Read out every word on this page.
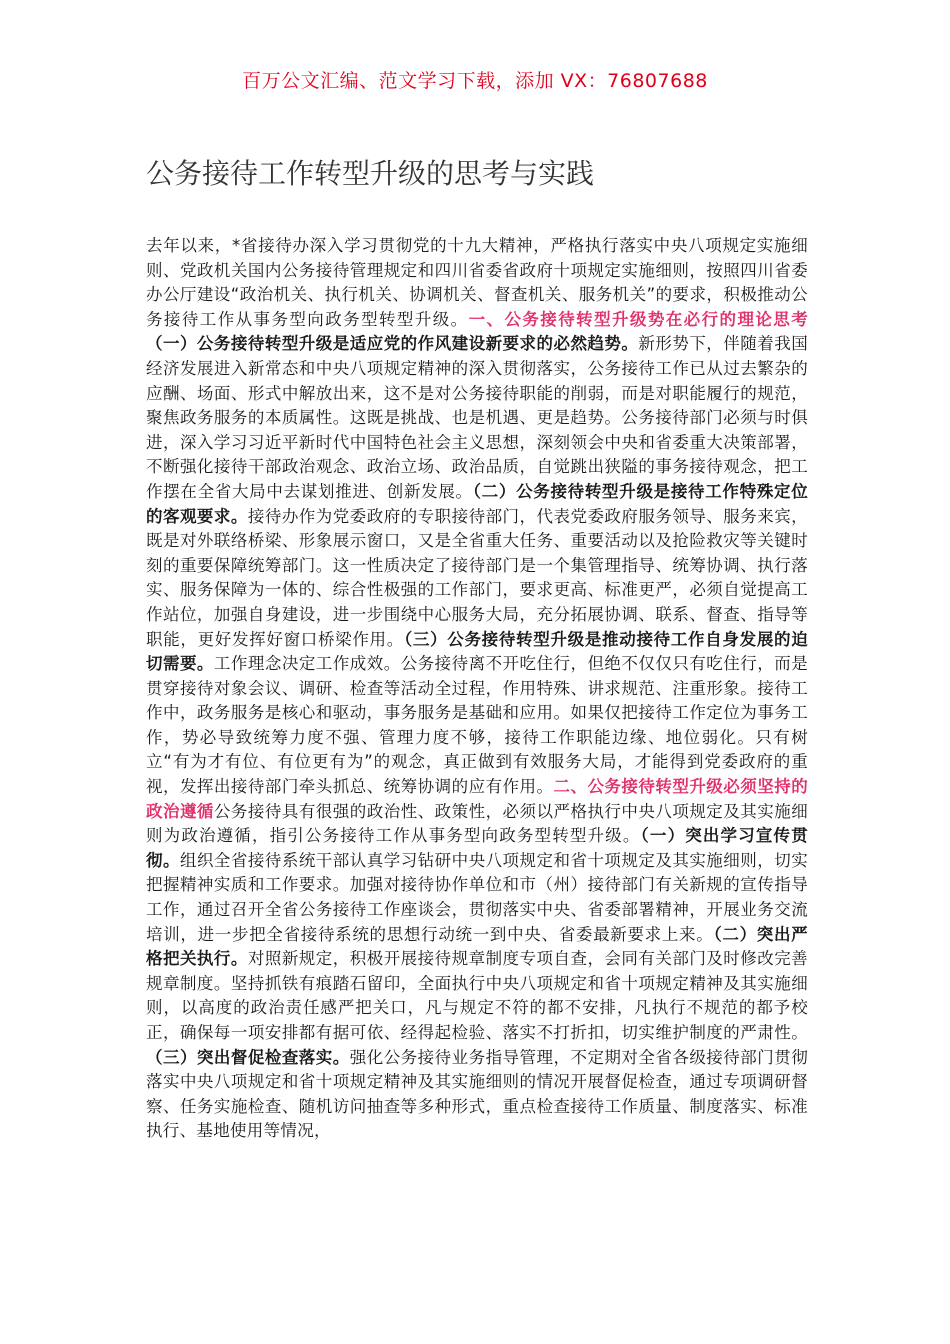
百万公文汇编、范文学习下载，添加 VX：76807688
公务接待工作转型升级的思考与实践

去年以来，*省接待办深入学习贯彻党的十九大精神，严格执行落实中央八项规定实施细则、党政机关国内公务接待管理规定和四川省委省政府十项规定实施细则，按照四川省委办公厅建设“政治机关、执行机关、协调机关、督查机关、服务机关”的要求，积极推动公务接待工作从事务型向政务型转型升级。一、公务接待转型升级势在必行的理论思考（一）公务接待转型升级是适应党的作风建设新要求的必然趋势。新形势下，伴随着我国经济发展进入新常态和中央八项规定精神的深入贯彻落实，公务接待工作已从过去繁杂的应酬、场面、形式中解放出来，这不是对公务接待职能的削弱，而是对职能履行的规范，聚焦政务服务的本质属性。这既是挑战、也是机遇、更是趋势。公务接待部门必须与时俱进，深入学习习近平新时代中国特色社会主义思想，深刻领会中央和省委重大决策部署，不断强化接待干部政治观念、政治立场、政治品质，自觉跳出狭隘的事务接待观念，把工作摆在全省大局中去谋划推进、创新发展。（二）公务接待转型升级是接待工作特殊定位的客观要求。接待办作为党委政府的专职接待部门，代表党委政府服务领导、服务来宾，既是对外联络桥梁、形象展示窗口，又是全省重大任务、重要活动以及抢险救灾等关键时刻的重要保障统筹部门。这一性质决定了接待部门是一个集管理指导、统筹协调、执行落实、服务保障为一体的、综合性极强的工作部门，要求更高、标准更严，必须自觉提高工作站位，加强自身建设，进一步围绕中心服务大局，充分拓展协调、联系、督查、指导等职能，更好发挥好窗口桥梁作用。（三）公务接待转型升级是推动接待工作自身发展的迫切需要。工作理念决定工作成效。公务接待离不开吃住行，但绝不仅仅只有吃住行，而是贯穿接待对象会议、调研、检查等活动全过程，作用特殊、讲求规范、注重形象。接待工作中，政务服务是核心和驱动，事务服务是基础和应用。如果仅把接待工作定位为事务工作，势必导致统筹力度不强、管理力度不够，接待工作职能边缘、地位弱化。只有树立“有为才有位、有位更有为”的观念，真正做到有效服务大局，才能得到党委政府的重视，发挥出接待部门牵头抓总、统筹协调的应有作用。二、公务接待转型升级必须坚持的政治遵循公务接待具有很强的政治性、政策性，必须以严格执行中央八项规定及其实施细则为政治遵循，指引公务接待工作从事务型向政务型转型升级。（一）突出学习宣传贯彻。组织全省接待系统干部认真学习钻研中央八项规定和省十项规定及其实施细则，切实把握精神实质和工作要求。加强对接待协作单位和市（州）接待部门有关新规的宣传指导工作，通过召开全省公务接待工作座谈会，贯彻落实中央、省委部署精神，开展业务交流培训，进一步把全省接待系统的思想行动统一到中央、省委最新要求上来。（二）突出严格把关执行。对照新规定，积极开展接待规章制度专项自查，会同有关部门及时修改完善规章制度。坚持抓铁有痕踏石留印，全面执行中央八项规定和省十项规定精神及其实施细则，以高度的政治责任感严把关口，凡与规定不符的都不安排，凡执行不规范的都予校正，确保每一项安排都有据可依、经得起检验、落实不打折扣，切实维护制度的严肃性。（三）突出督促检查落实。强化公务接待业务指导管理，不定期对全省各级接待部门贯彻落实中央八项规定和省十项规定精神及其实施细则的情况开展督促检查，通过专项调研督察、任务实施检查、随机访问抽查等多种形式，重点检查接待工作质量、制度落实、标准执行、基地使用等情况，
